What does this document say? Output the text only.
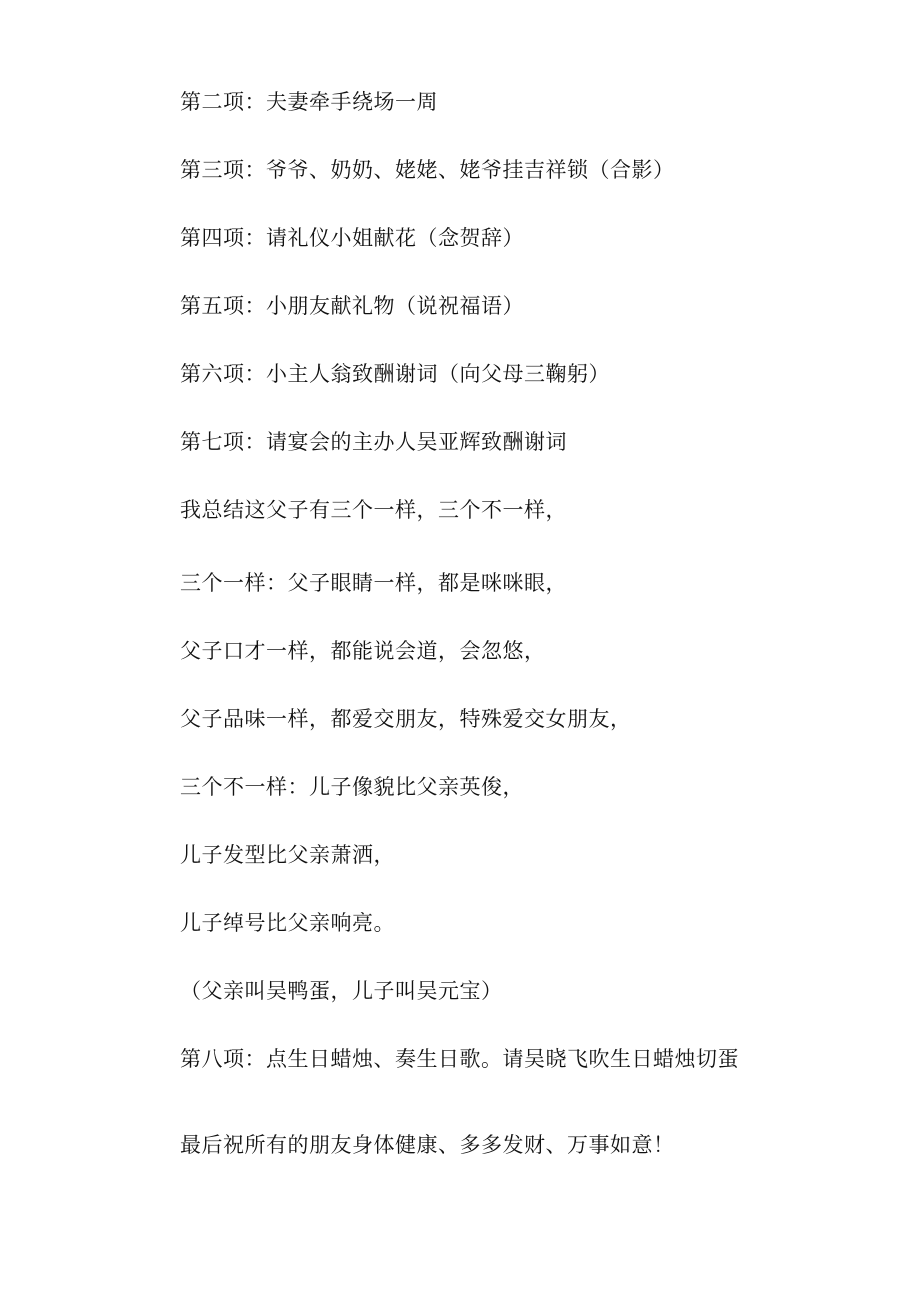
第二项：夫妻牵手绕场一周
第三项：爷爷、奶奶、姥姥、姥爷挂吉祥锁（合影）
第四项：请礼仪小姐献花（念贺辞）
第五项：小朋友献礼物（说祝福语）
第六项：小主人翁致酬谢词（向父母三鞠躬）
第七项：请宴会的主办人吴亚辉致酬谢词
我总结这父子有三个一样，三个不一样，
三个一样：父子眼睛一样，都是咪咪眼，
父子口才一样，都能说会道，会忽悠，
父子品味一样，都爱交朋友，特殊爱交女朋友，
三个不一样：儿子像貌比父亲英俊，
儿子发型比父亲萧洒，
儿子绰号比父亲响亮。
（父亲叫吴鸭蛋，儿子叫吴元宝）
第八项：点生日蜡烛、奏生日歌。请吴晓飞吹生日蜡烛切蛋
最后祝所有的朋友身体健康、多多发财、万事如意！
